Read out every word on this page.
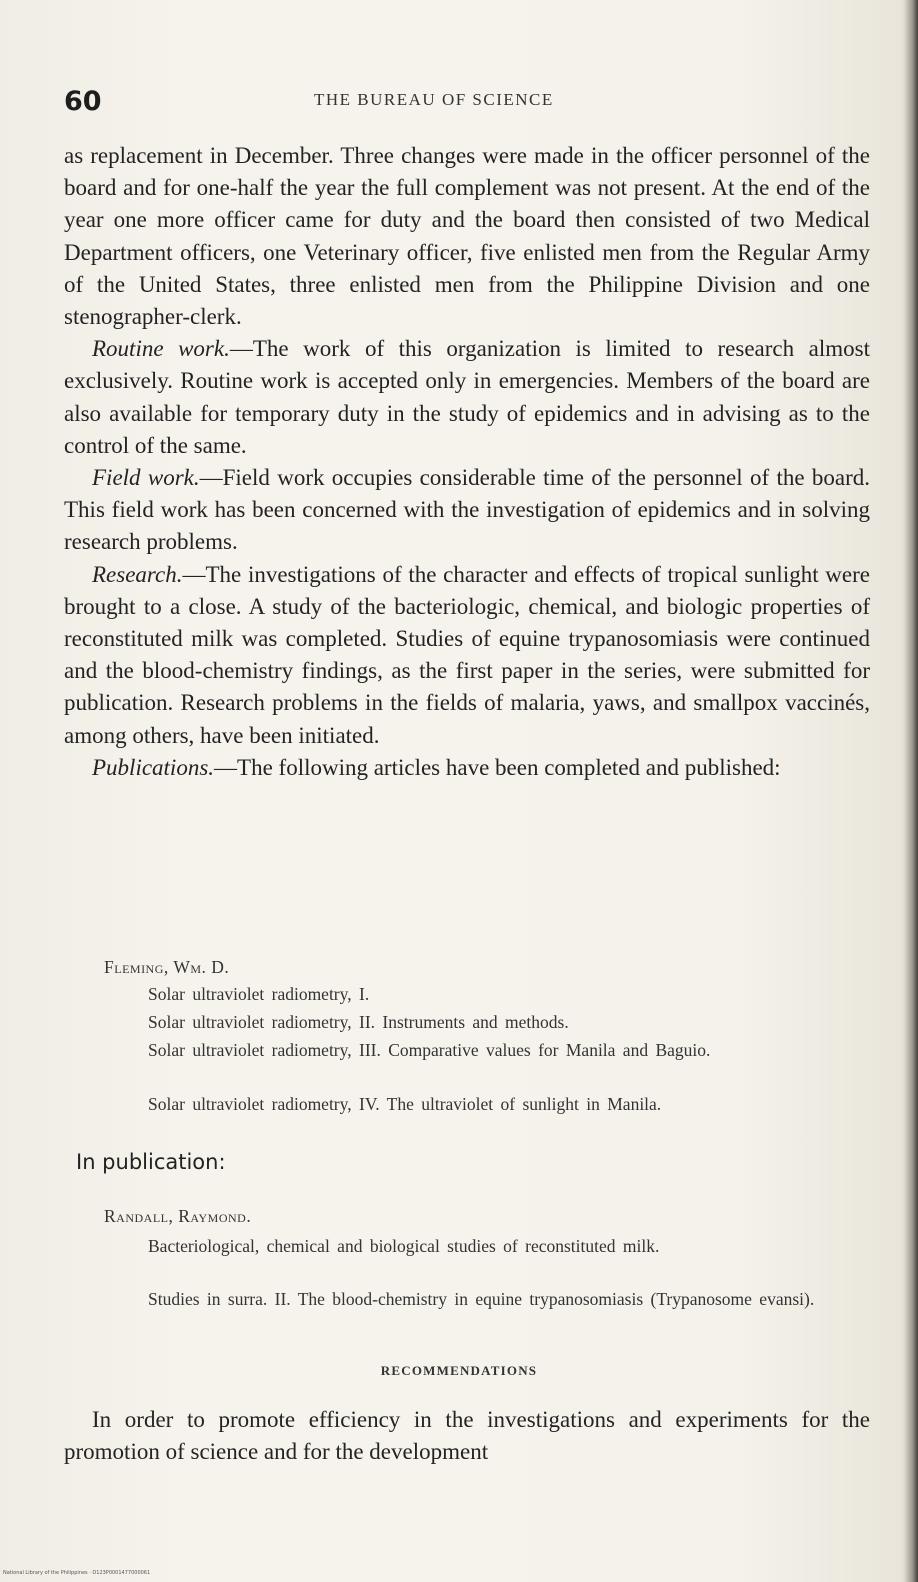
60	THE BUREAU OF SCIENCE

as replacement in December. Three changes were made in the officer personnel of the board and for one-half the year the full complement was not present. At the end of the year one more officer came for duty and the board then consisted of two Medical Department officers, one Veterinary officer, five enlisted men from the Regular Army of the United States, three enlisted men from the Philippine Division and one stenographer-clerk.

Routine work.—The work of this organization is limited to research almost exclusively. Routine work is accepted only in emergencies. Members of the board are also available for temporary duty in the study of epidemics and in advising as to the control of the same.

Field work.—Field work occupies considerable time of the personnel of the board. This field work has been concerned with the investigation of epidemics and in solving research problems.

Research.—The investigations of the character and effects of tropical sunlight were brought to a close. A study of the bacteriologic, chemical, and biologic properties of reconstituted milk was completed. Studies of equine trypanosomiasis were continued and the blood-chemistry findings, as the first paper in the series, were submitted for publication. Research problems in the fields of malaria, yaws, and smallpox vaccinés, among others, have been initiated.

Publications.—The following articles have been completed and published:

Fleming, Wm. D.
Solar ultraviolet radiometry, I.
Solar ultraviolet radiometry, II. Instruments and methods.
Solar ultraviolet radiometry, III. Comparative values for Manila and Baguio.
Solar ultraviolet radiometry, IV. The ultraviolet of sunlight in Manila.
In publication:
Randall, Raymond.
Bacteriological, chemical and biological studies of reconstituted milk.
Studies in surra. II. The blood-chemistry in equine trypanosomiasis (Trypanosome evansi).
RECOMMENDATIONS
In order to promote efficiency in the investigations and experiments for the promotion of science and for the development
National Library of the Philippines · D123P0001477000061
